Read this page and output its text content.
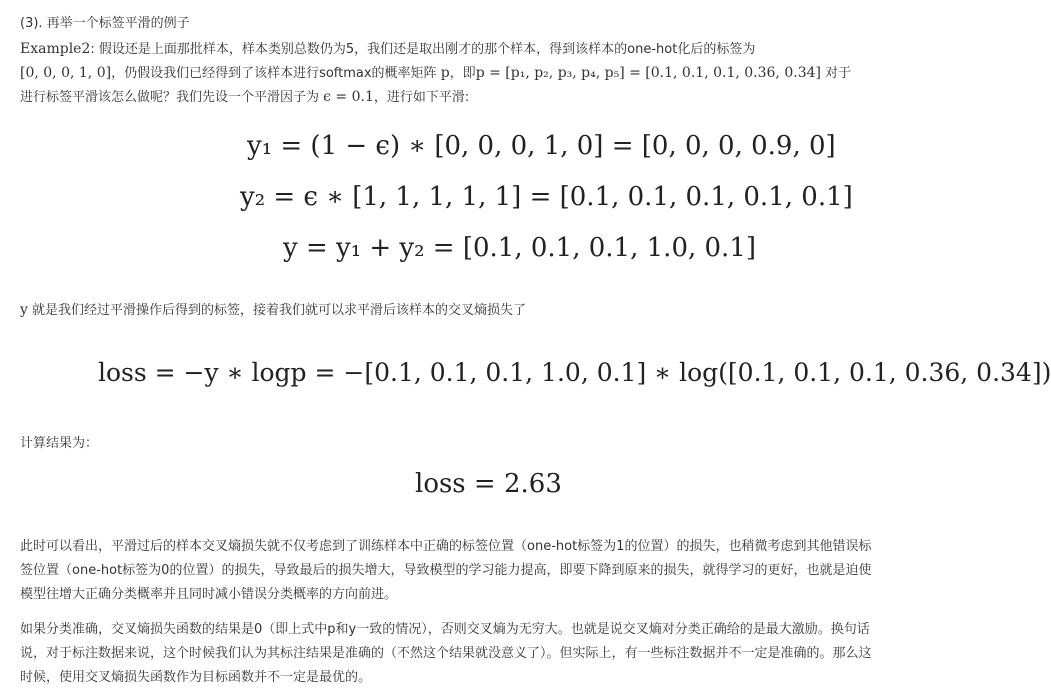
(3). 再举一个标签平滑的例子
Example2: 假设还是上面那批样本，样本类别总数仍为5，我们还是取出刚才的那个样本，得到该样本的one-hot化后的标签为
[0, 0, 0, 1, 0]，仍假设我们已经得到了该样本进行softmax的概率矩阵 p，即p = [p₁, p₂, p₃, p₄, p₅] = [0.1, 0.1, 0.1, 0.36, 0.34] 对于
进行标签平滑该怎么做呢？我们先设一个平滑因子为 ϵ = 0.1，进行如下平滑:
y₁ = (1 − ϵ) ∗ [0, 0, 0, 1, 0] = [0, 0, 0, 0.9, 0]
y₂ = ϵ ∗ [1, 1, 1, 1, 1] = [0.1, 0.1, 0.1, 0.1, 0.1]
y = y₁ + y₂ = [0.1, 0.1, 0.1, 1.0, 0.1]
y 就是我们经过平滑操作后得到的标签，接着我们就可以求平滑后该样本的交叉熵损失了
loss = −y ∗ logp = −[0.1, 0.1, 0.1, 1.0, 0.1] ∗ log([0.1, 0.1, 0.1, 0.36, 0.34])
计算结果为：
loss = 2.63
此时可以看出，平滑过后的样本交叉熵损失就不仅考虑到了训练样本中正确的标签位置（one-hot标签为1的位置）的损失，也稍微考虑到其他错误标签位置（one-hot标签为0的位置）的损失，导致最后的损失增大，导致模型的学习能力提高，即要下降到原来的损失，就得学习的更好，也就是迫使模型往增大正确分类概率并且同时减小错误分类概率的方向前进。
如果分类准确，交叉熵损失函数的结果是0（即上式中p和y一致的情况），否则交叉熵为无穷大。也就是说交叉熵对分类正确给的是最大激励。换句话说，对于标注数据来说，这个时候我们认为其标注结果是准确的（不然这个结果就没意义了）。但实际上，有一些标注数据并不一定是准确的。那么这时候，使用交叉熵损失函数作为目标函数并不一定是最优的。
